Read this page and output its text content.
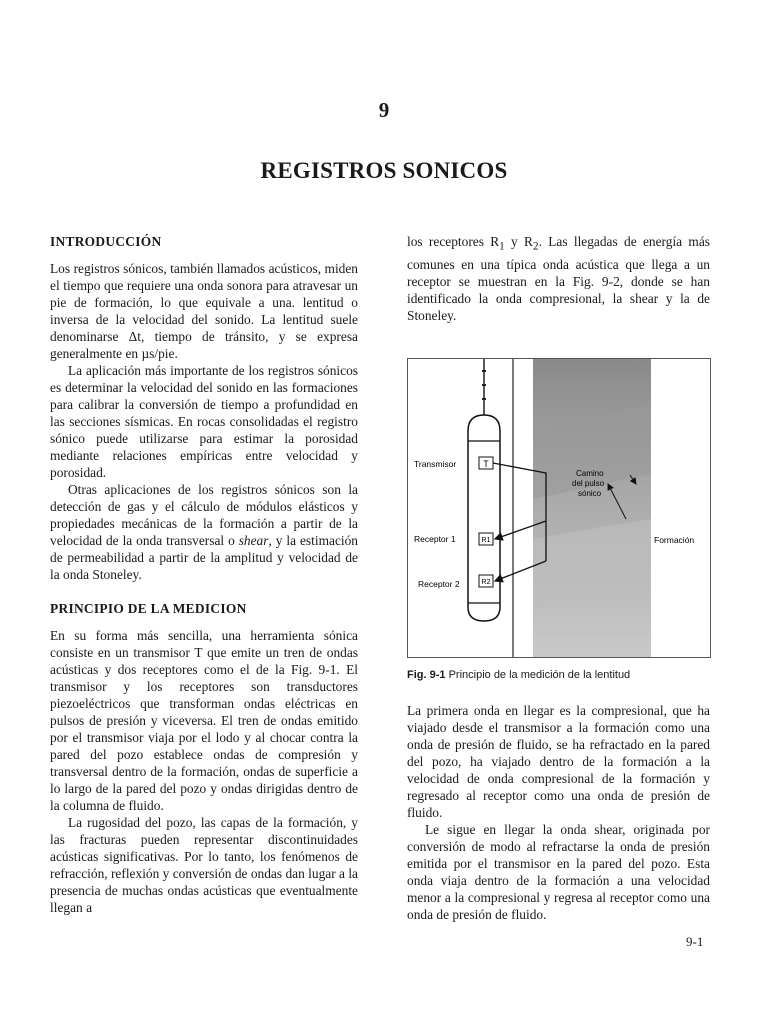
9
REGISTROS SONICOS
INTRODUCCIÓN

Los registros sónicos, también llamados acústicos, miden el tiempo que requiere una onda sonora para atravesar un pie de formación, lo que equivale a una. lentitud o inversa de la velocidad del sonido. La lentitud suele denominarse Δt, tiempo de tránsito, y se expresa generalmente en µs/pie.

La aplicación más importante de los registros sónicos es determinar la velocidad del sonido en las formaciones para calibrar la conversión de tiempo a profundidad en las secciones sísmicas. En rocas consolidadas el registro sónico puede utilizarse para estimar la porosidad mediante relaciones empíricas entre velocidad y porosidad.

Otras aplicaciones de los registros sónicos son la detección de gas y el cálculo de módulos elásticos y propiedades mecánicas de la formación a partir de la velocidad de la onda transversal o shear, y la estimación de permeabilidad a partir de la amplitud y velocidad de la onda Stoneley.

PRINCIPIO DE LA MEDICION

En su forma más sencilla, una herramienta sónica consiste en un transmisor T que emite un tren de ondas acústicas y dos receptores como el de la Fig. 9-1. El transmisor y los receptores son transductores piezoeléctricos que transforman ondas eléctricas en pulsos de presión y viceversa. El tren de ondas emitido por el transmisor viaja por el lodo y al chocar contra la pared del pozo establece ondas de compresión y transversal dentro de la formación, ondas de superficie a lo largo de la pared del pozo y ondas dirigidas dentro de la columna de fluido.

La rugosidad del pozo, las capas de la formación, y las fracturas pueden representar discontinuidades acústicas significativas. Por lo tanto, los fenómenos de refracción, reflexión y conversión de ondas dan lugar a la presencia de muchas ondas acústicas que eventualmente llegan a

los receptores $R_1$ y $R_2$. Las llegadas de energía más comunes en una típica onda acústica que llega a un receptor se muestran en la Fig. 9-2, donde se han identificado la onda compresional, la shear y la de Stoneley.

T
R1
R2
Transmisor
Receptor 1
Receptor 2
Camino
del pulso
sónico
Formación
Fig. 9-1 Principio de la medición de la lentitud

La primera onda en llegar es la compresional, que ha viajado desde el transmisor a la formación como una onda de presión de fluido, se ha refractado en la pared del pozo, ha viajado dentro de la formación a la velocidad de onda compresional de la formación y regresado al receptor como una onda de presión de fluido.

Le sigue en llegar la onda shear, originada por conversión de modo al refractarse la onda de presión emitida por el transmisor en la pared del pozo. Esta onda viaja dentro de la formación a una velocidad menor a la compresional y regresa al receptor como una onda de presión de fluido.

9-1
